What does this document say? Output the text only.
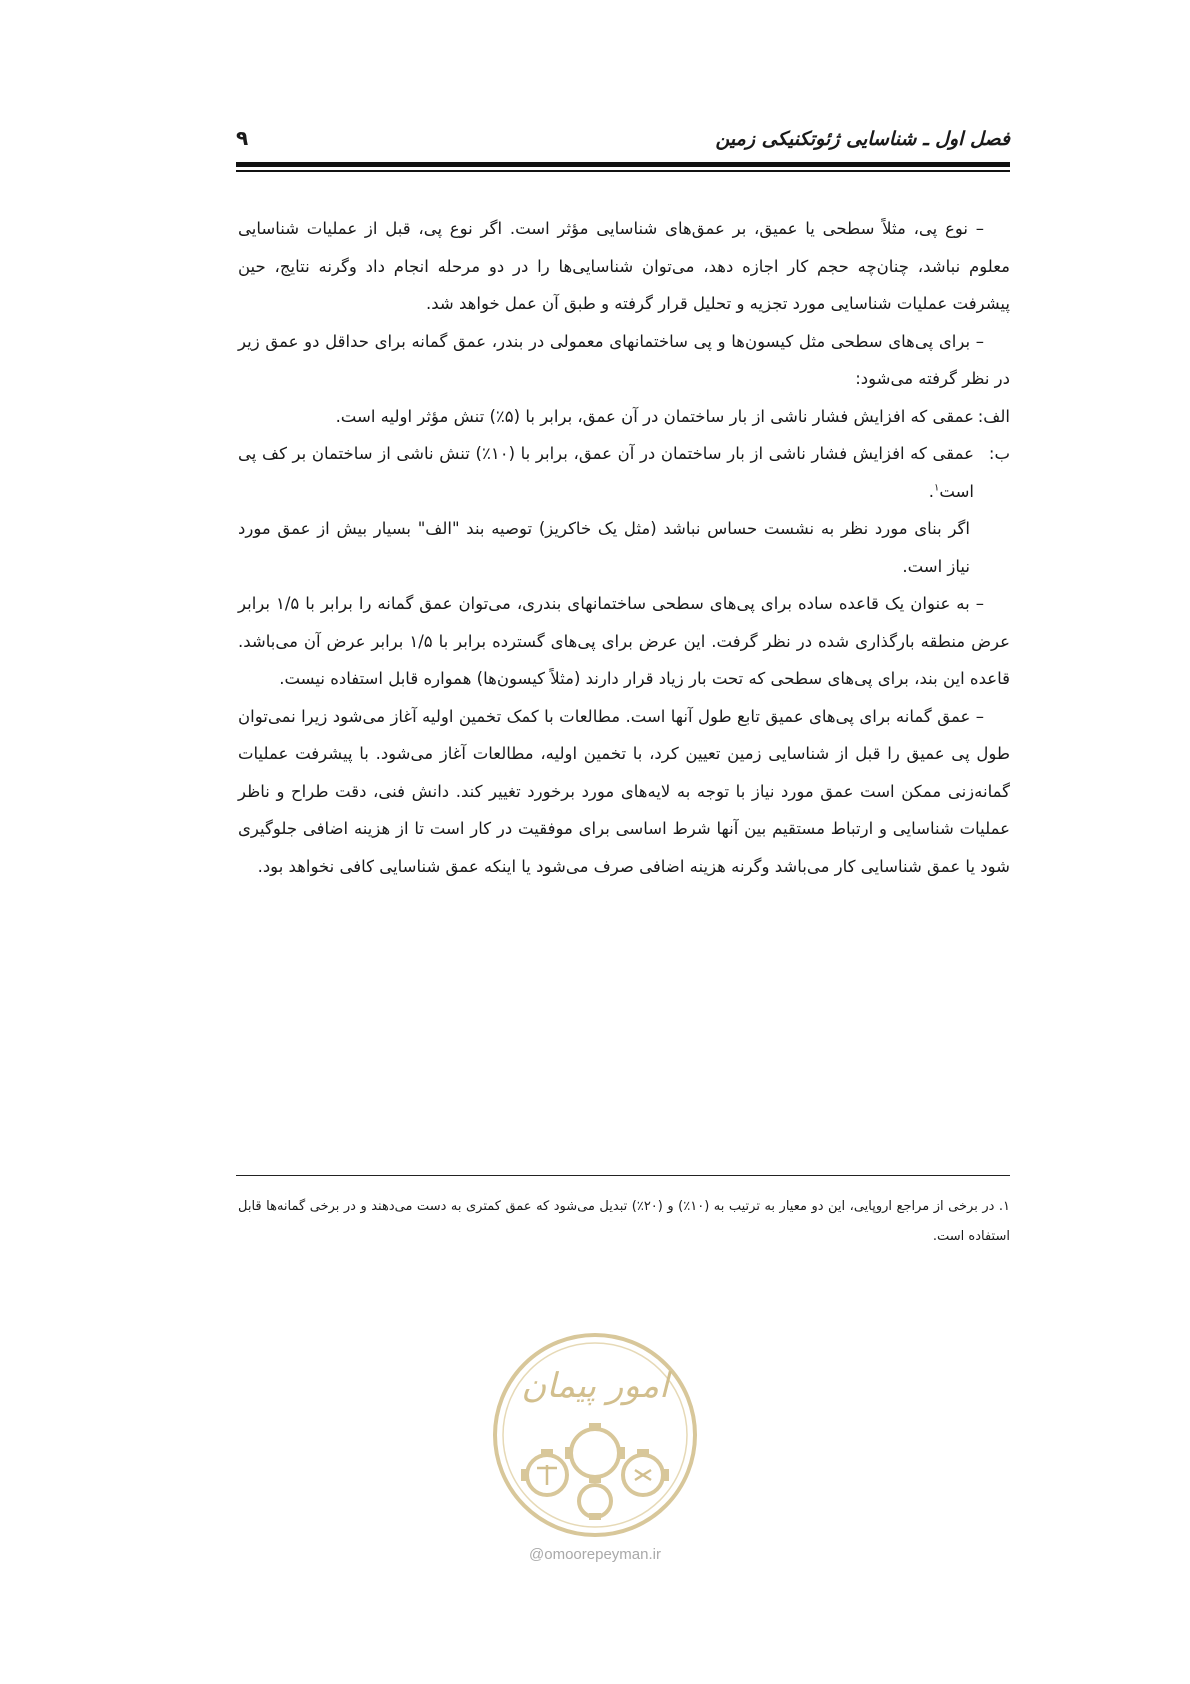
فصل اول ـ شناسایی ژئوتکنیکی زمین
۹

– نوع پی، مثلاً سطحی یا عمیق، بر عمق‌های شناسایی مؤثر است. اگر نوع پی، قبل از عملیات شناسایی معلوم نباشد، چنان‌چه حجم کار اجازه دهد، می‌توان شناسایی‌ها را در دو مرحله انجام داد وگرنه نتایج، حین پیشرفت عملیات شناسایی مورد تجزیه و تحلیل قرار گرفته و طبق آن عمل خواهد شد.

– برای پی‌های سطحی مثل کیسون‌ها و پی ساختمانهای معمولی در بندر، عمق گمانه برای حداقل دو عمق زیر در نظر گرفته می‌شود:

الف:
عمقی که افزایش فشار ناشی از بار ساختمان در آن عمق، برابر با (۵٪) تنش مؤثر اولیه است.
ب:
عمقی که افزایش فشار ناشی از بار ساختمان در آن عمق، برابر با (۱۰٪) تنش ناشی از ساختمان بر کف پی است$^۱$.

اگر بنای مورد نظر به نشست حساس نباشد (مثل یک خاکریز) توصیه بند "الف" بسیار بیش از عمق مورد نیاز است.

– به عنوان یک قاعده ساده برای پی‌های سطحی ساختمانهای بندری، می‌توان عمق گمانه را برابر با ۱/۵ برابر عرض منطقه بارگذاری شده در نظر گرفت. این عرض برای پی‌های گسترده برابر با ۱/۵ برابر عرض آن می‌باشد. قاعده این بند، برای پی‌های سطحی که تحت بار زیاد قرار دارند (مثلاً کیسون‌ها) همواره قابل استفاده نیست.

– عمق گمانه برای پی‌های عمیق تابع طول آنها است. مطالعات با کمک تخمین اولیه آغاز می‌شود زیرا نمی‌توان طول پی عمیق را قبل از شناسایی زمین تعیین کرد، با تخمین اولیه، مطالعات آغاز می‌شود. با پیشرفت عملیات گمانه‌زنی ممکن است عمق مورد نیاز با توجه به لایه‌های مورد برخورد تغییر کند. دانش فنی، دقت طراح و ناظر عملیات شناسایی و ارتباط مستقیم بین آنها شرط اساسی برای موفقیت در کار است تا از هزینه اضافی جلوگیری شود یا عمق شناسایی کار می‌باشد وگرنه هزینه اضافی صرف می‌شود یا اینکه عمق شناسایی کافی نخواهد بود.

۱. در برخی از مراجع اروپایی، این دو معیار به ترتیب به (۱۰٪) و (۲۰٪) تبدیل می‌شود که عمق کمتری به دست می‌دهند و در برخی گمانه‌ها قابل استفاده است.
امور پیمان
@omoorepeyman.ir
